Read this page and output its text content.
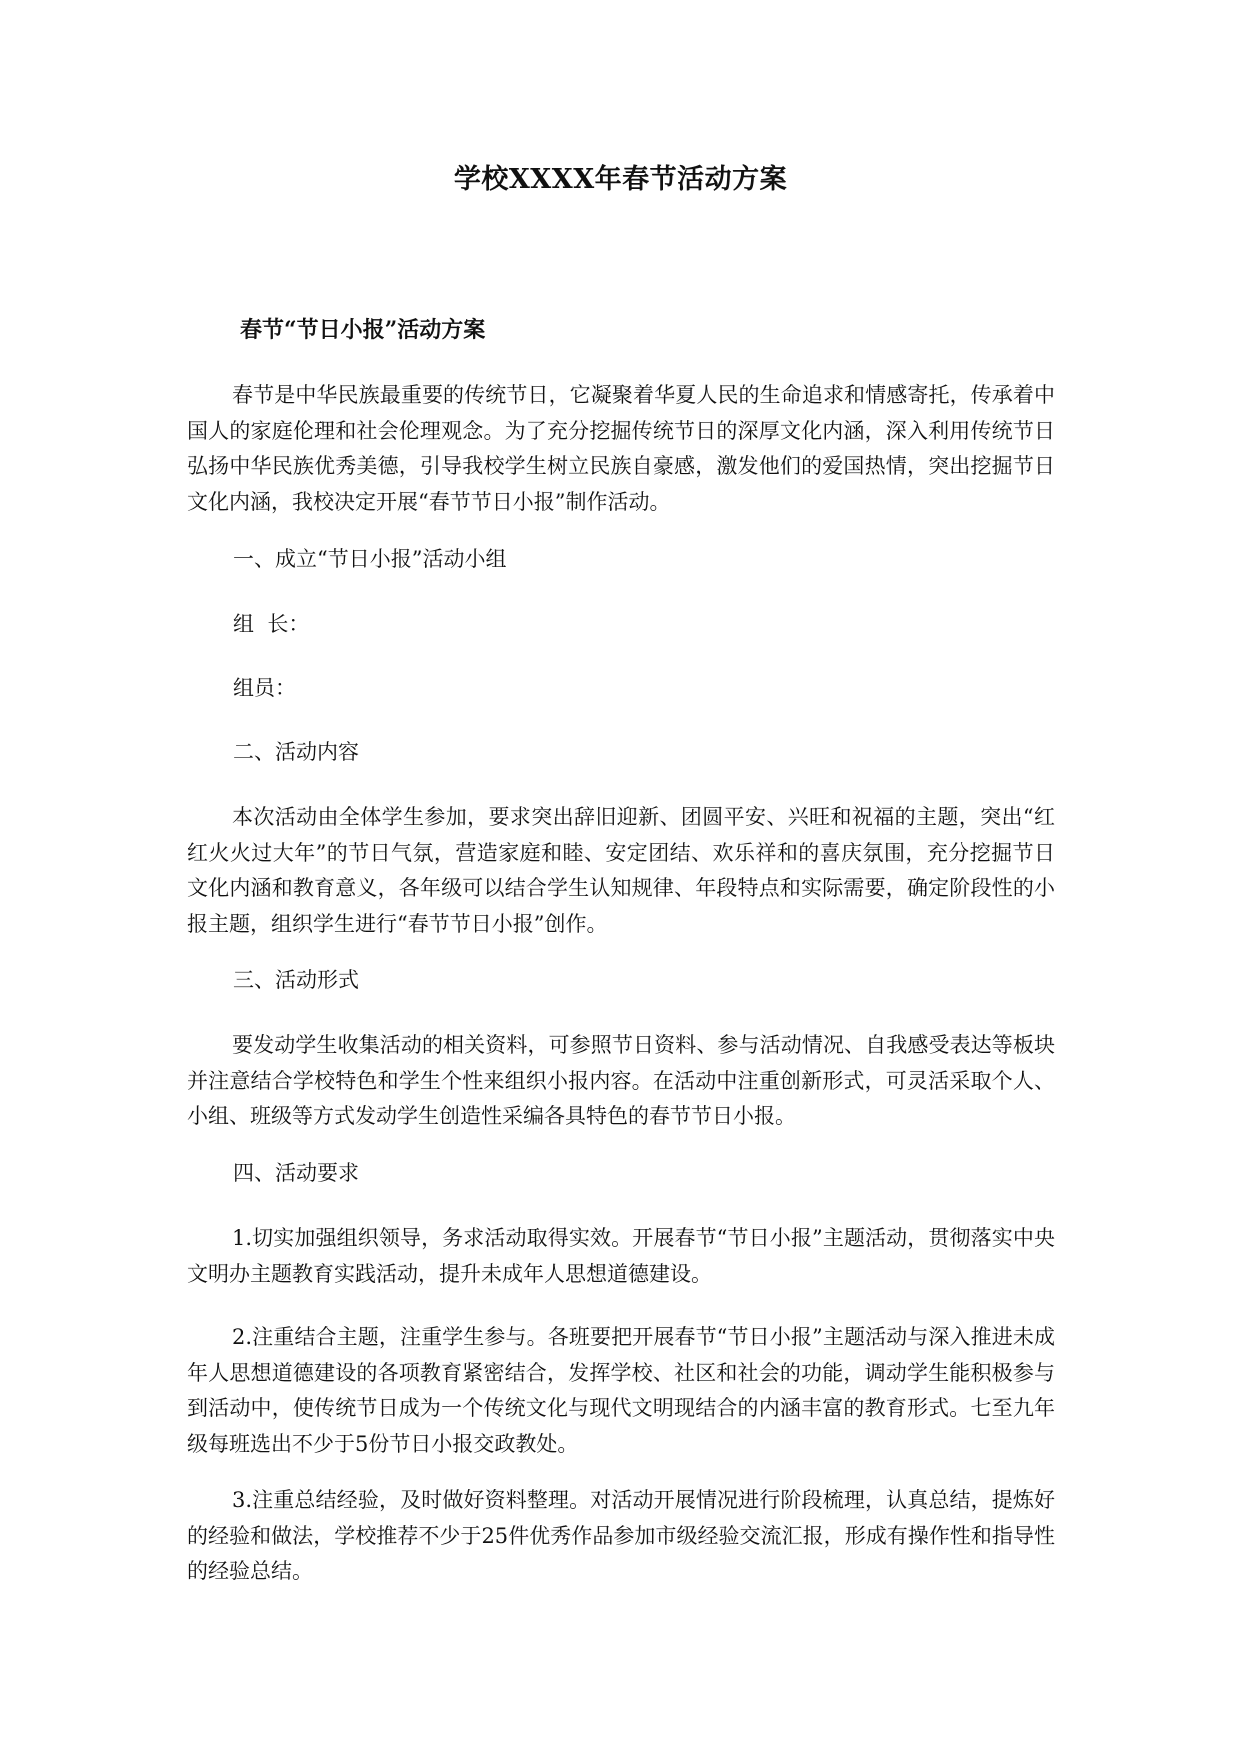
学校XXXX年春节活动方案
春节“节日小报”活动方案

春节是中华民族最重要的传统节日，它凝聚着华夏人民的生命追求和情感寄托，传承着中国人的家庭伦理和社会伦理观念。为了充分挖掘传统节日的深厚文化内涵，深入利用传统节日弘扬中华民族优秀美德，引导我校学生树立民族自豪感，激发他们的爱国热情，突出挖掘节日文化内涵，我校决定开展“春节节日小报”制作活动。

一、成立“节日小报”活动小组

组  长：

组员：

二、活动内容

本次活动由全体学生参加，要求突出辞旧迎新、团圆平安、兴旺和祝福的主题，突出“红红火火过大年”的节日气氛，营造家庭和睦、安定团结、欢乐祥和的喜庆氛围，充分挖掘节日文化内涵和教育意义，各年级可以结合学生认知规律、年段特点和实际需要，确定阶段性的小报主题，组织学生进行“春节节日小报”创作。

三、活动形式

要发动学生收集活动的相关资料，可参照节日资料、参与活动情况、自我感受表达等板块并注意结合学校特色和学生个性来组织小报内容。在活动中注重创新形式，可灵活采取个人、小组、班级等方式发动学生创造性采编各具特色的春节节日小报。

四、活动要求

1.切实加强组织领导，务求活动取得实效。开展春节“节日小报”主题活动，贯彻落实中央文明办主题教育实践活动，提升未成年人思想道德建设。

2.注重结合主题，注重学生参与。各班要把开展春节“节日小报”主题活动与深入推进未成年人思想道德建设的各项教育紧密结合，发挥学校、社区和社会的功能，调动学生能积极参与到活动中，使传统节日成为一个传统文化与现代文明现结合的内涵丰富的教育形式。七至九年级每班选出不少于5份节日小报交政教处。

3.注重总结经验，及时做好资料整理。对活动开展情况进行阶段梳理，认真总结，提炼好的经验和做法，学校推荐不少于25件优秀作品参加市级经验交流汇报，形成有操作性和指导性的经验总结。
